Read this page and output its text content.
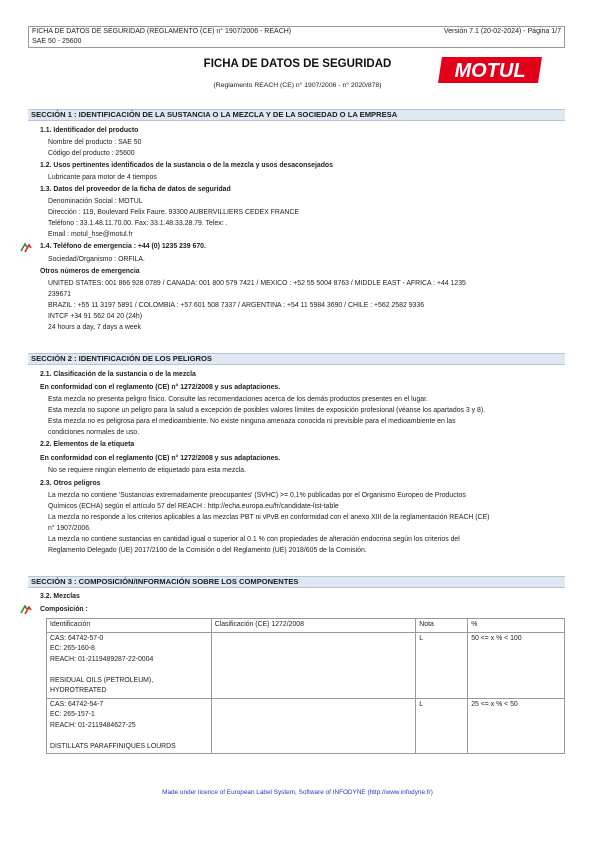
FICHA DE DATOS DE SEGURIDAD (REGLAMENTO (CE) n° 1907/2006 - REACH)
SAE 50 - 25600
Versión 7.1 (20-02-2024) - Página 1/7
FICHA DE DATOS DE SEGURIDAD
(Reglamento REACH (CE) n° 1907/2006 - n° 2020/878)
MOTUL
SECCIÓN 1 : IDENTIFICACIÓN DE LA SUSTANCIA O LA MEZCLA Y DE LA SOCIEDAD O LA EMPRESA
1.1. Identificador del producto
Nombre del producto : SAE 50
Código del producto : 25600
1.2. Usos pertinentes identificados de la sustancia o de la mezcla y usos desaconsejados
Lubricante para motor de 4 tiempos
1.3. Datos del proveedor de la ficha de datos de seguridad
Denominación Social : MOTUL
Dirección : 119, Boulevard Felix Faure. 93300 AUBERVILLIERS CEDEX FRANCE
Teléfono : 33.1.48.11.70.00. Fax: 33.1.48.33.28.79. Telex: .
Email : motul_hse@motul.fr
1.4. Teléfono de emergencia : +44 (0) 1235 239 670.
Sociedad/Organismo : ORFILA.
Otros números de emergencia
UNITED STATES: 001 866 928 0789 / CANADA: 001 800 579 7421 / MEXICO : +52 55 5004 8763 / MIDDLE EAST - AFRICA : +44 1235
239671
BRAZIL : +55 11 3197 5891 / COLOMBIA : +57 601 508 7337 / ARGENTINA : +54 11 5984 3690 / CHILE : +562 2582 9336
INTCF +34 91 562 04 20 (24h)
24 hours a day, 7 days a week
SECCIÓN 2 : IDENTIFICACIÓN DE LOS PELIGROS
2.1. Clasificación de la sustancia o de la mezcla
En conformidad con el reglamento (CE) n° 1272/2008 y sus adaptaciones.
Esta mezcla no presenta peligro físico. Consulte las recomendaciones acerca de los demás productos presentes en el lugar.
Esta mezcla no supone un peligro para la salud a excepción de posibles valores límites de exposición profesional (véanse los apartados 3 y 8).
Esta mezcla no es peligrosa para el medioambiente. No existe ninguna amenaza conocida ni previsible para el medioambiente en las
condiciones normales de uso.
2.2. Elementos de la etiqueta
En conformidad con el reglamento (CE) n° 1272/2008 y sus adaptaciones.
No se requiere ningún elemento de etiquetado para esta mezcla.
2.3. Otros peligros
La mezcla no contiene 'Sustancias extremadamente preocupantes' (SVHC) >= 0,1% publicadas por el Organismo Europeo de Productos
Químicos (ECHA) según el artículo 57 del REACH : http://echa.europa.eu/fr/candidate-list-table
La mezcla no responde a los criterios aplicables a las mezclas PBT ni vPvB en conformidad con el anexo XIII de la reglamentación REACH (CE)
n° 1907/2006.
La mezcla no contiene sustancias en cantidad igual o superior al 0.1 % con propiedades de alteración endocrina según los criterios del
Reglamento Delegado (UE) 2017/2100 de la Comisión o del Reglamento (UE) 2018/605 de la Comisión.
SECCIÓN 3 : COMPOSICIÓN/INFORMACIÓN SOBRE LOS COMPONENTES
3.2. Mezclas
Composición :
Identificación	Clasificación (CE) 1272/2008	Nota	%

CAS: 64742-57-0
EC: 265-160-8
REACH: 01-2119489287-22-0004

RESIDUAL OILS (PETROLEUM),
HYDROTREATED		L	50 <= x % < 100

CAS: 64742-54-7
EC: 265-157-1
REACH: 01-2119484627-25

DISTILLATS PARAFFINIQUES LOURDS		L	25 <= x % < 50
Made under licence of European Label System, Software of INFODYNE (http://www.infodyne.fr)
